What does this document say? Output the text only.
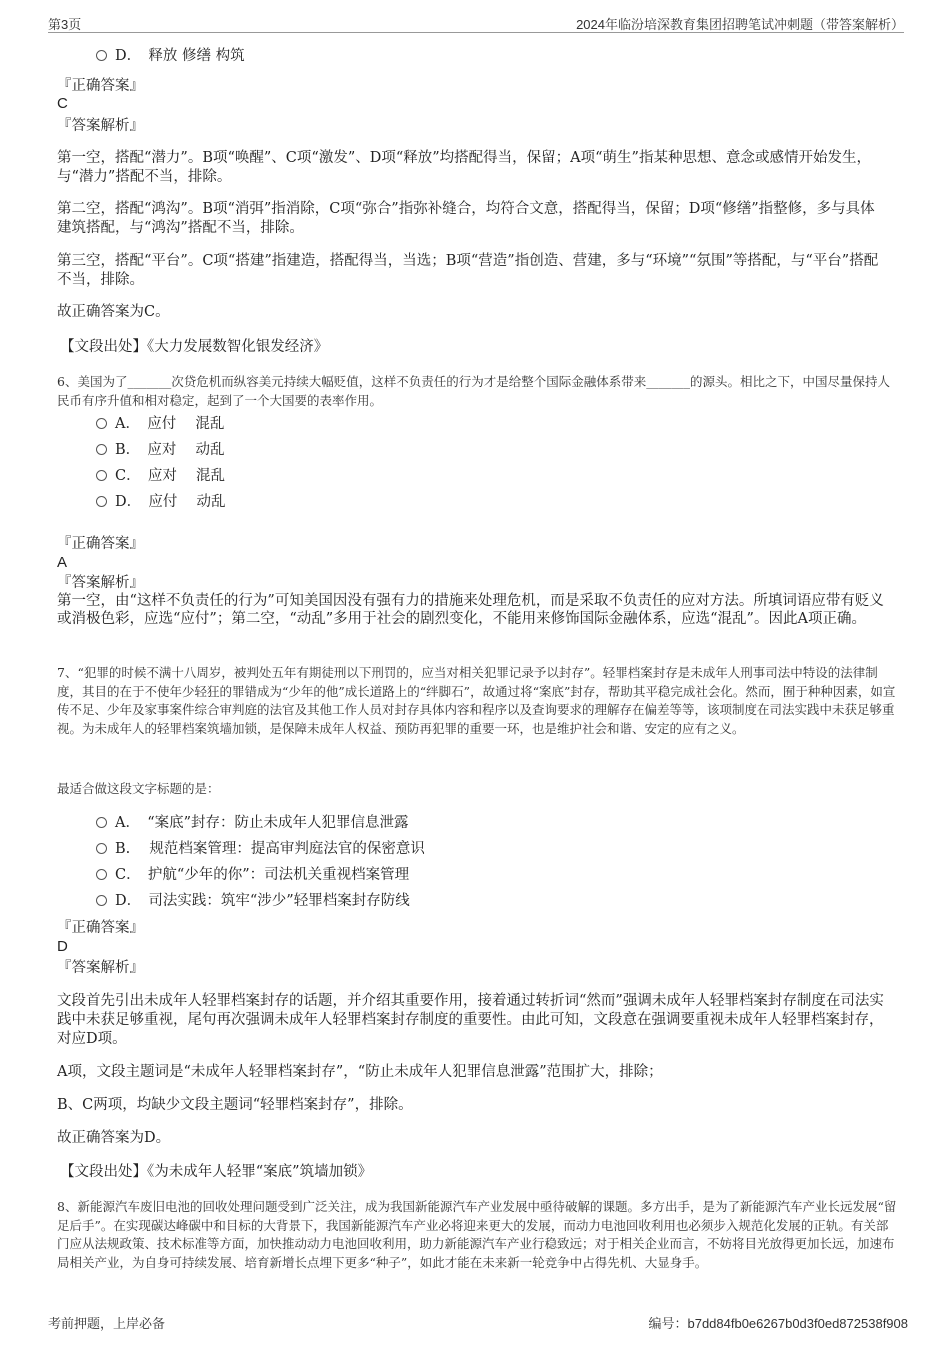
第3页	2024年临汾培深教育集团招聘笔试冲刺题（带答案解析）
D．　释放 修缮 构筑
『正确答案』
C
『答案解析』
第一空，搭配“潜力”。B项“唤醒”、C项“激发”、D项“释放”均搭配得当，保留；A项“萌生”指某种思想、意念或感情开始发生，与“潜力”搭配不当，排除。
第二空，搭配“鸿沟”。B项“消弭”指消除，C项“弥合”指弥补缝合，均符合文意，搭配得当，保留；D项“修缮”指整修，多与具体建筑搭配，与“鸿沟”搭配不当，排除。
第三空，搭配“平台”。C项“搭建”指建造，搭配得当，当选；B项“营造”指创造、营建，多与“环境”“氛围”等搭配，与“平台”搭配不当，排除。
故正确答案为C。
【文段出处】《大力发展数智化银发经济》
6、美国为了_______次贷危机而纵容美元持续大幅贬值，这样不负责任的行为才是给整个国际金融体系带来_______的源头。相比之下，中国尽量保持人民币有序升值和相对稳定，起到了一个大国要的表率作用。
A．　应付　 混乱
B．　应对　 动乱
C．　应对　 混乱
D．　应付　 动乱
『正确答案』
A
『答案解析』
第一空，由“这样不负责任的行为”可知美国因没有强有力的措施来处理危机，而是采取不负责任的应对方法。所填词语应带有贬义或消极色彩，应选“应付”；第二空，“动乱”多用于社会的剧烈变化，不能用来修饰国际金融体系，应选“混乱”。因此A项正确。
7、“犯罪的时候不满十八周岁，被判处五年有期徒刑以下刑罚的，应当对相关犯罪记录予以封存”。轻罪档案封存是未成年人刑事司法中特设的法律制度，其目的在于不使年少轻狂的罪错成为“少年的他”成长道路上的“绊脚石”，故通过将“案底”封存，帮助其平稳完成社会化。然而，囿于种种因素，如宣传不足、少年及家事案件综合审判庭的法官及其他工作人员对封存具体内容和程序以及查询要求的理解存在偏差等等，该项制度在司法实践中未获足够重视。为未成年人的轻罪档案筑墙加锁，是保障未成年人权益、预防再犯罪的重要一环，也是维护社会和谐、安定的应有之义。
最适合做这段文字标题的是：
A．　“案底”封存：防止未成年人犯罪信息泄露
B.　 规范档案管理：提高审判庭法官的保密意识
C．　护航“少年的你”：司法机关重视档案管理
D．　司法实践：筑牢“涉少”轻罪档案封存防线
『正确答案』
D
『答案解析』
文段首先引出未成年人轻罪档案封存的话题，并介绍其重要作用，接着通过转折词“然而”强调未成年人轻罪档案封存制度在司法实践中未获足够重视，尾句再次强调未成年人轻罪档案封存制度的重要性。由此可知，文段意在强调要重视未成年人轻罪档案封存，对应D项。
A项，文段主题词是“未成年人轻罪档案封存”，“防止未成年人犯罪信息泄露”范围扩大，排除；
B、C两项，均缺少文段主题词“轻罪档案封存”，排除。
故正确答案为D。
【文段出处】《为未成年人轻罪“案底”筑墙加锁》
8、新能源汽车废旧电池的回收处理问题受到广泛关注，成为我国新能源汽车产业发展中亟待破解的课题。多方出手，是为了新能源汽车产业长远发展“留足后手”。在实现碳达峰碳中和目标的大背景下，我国新能源汽车产业必将迎来更大的发展，而动力电池回收利用也必须步入规范化发展的正轨。有关部门应从法规政策、技术标准等方面，加快推动动力电池回收利用，助力新能源汽车产业行稳致远；对于相关企业而言，不妨将目光放得更加长远，加速布局相关产业，为自身可持续发展、培育新增长点埋下更多“种子”，如此才能在未来新一轮竞争中占得先机、大显身手。
考前押题，上岸必备	编号：b7dd84fb0e6267b0d3f0ed872538f908
